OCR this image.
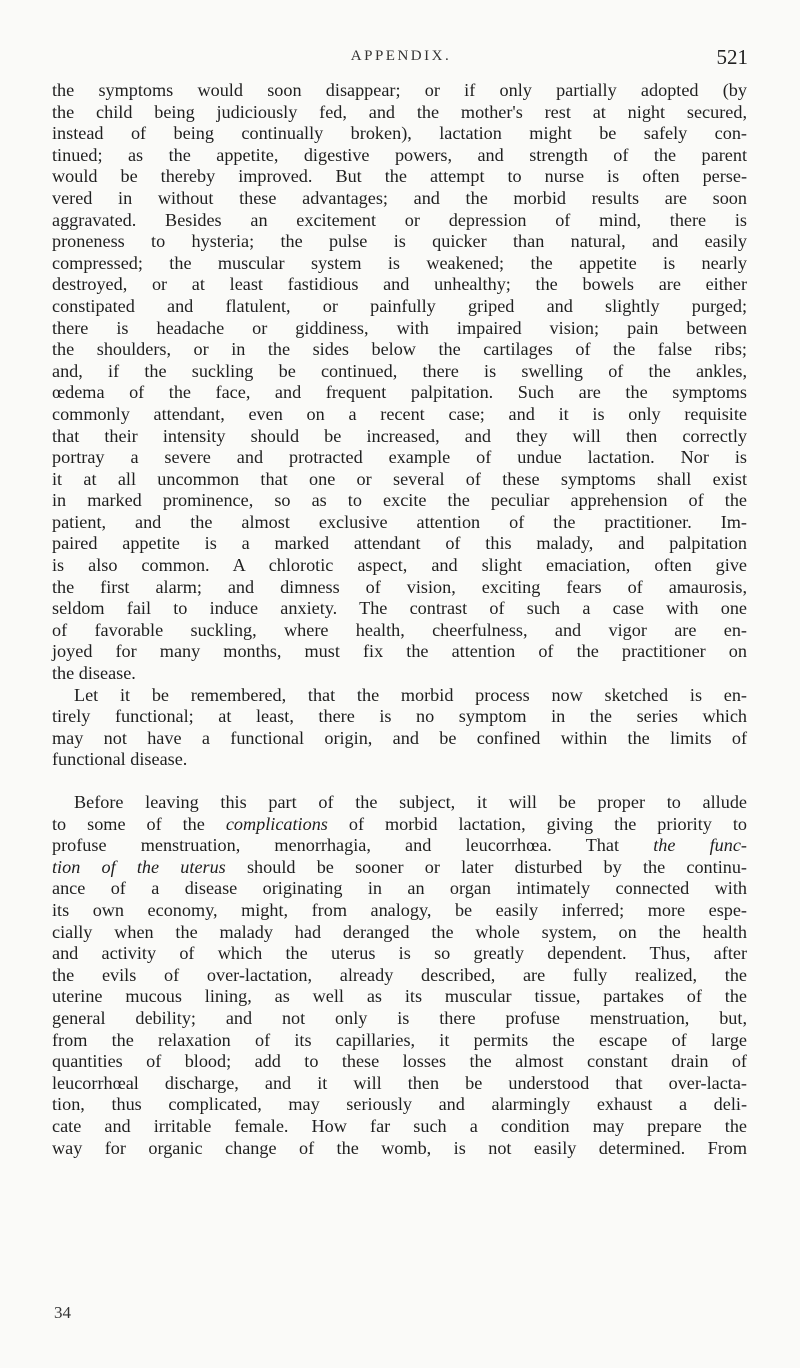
APPENDIX.	521
the symptoms would soon disappear; or if only partially adopted (by
the child being judiciously fed, and the mother's rest at night secured,
instead of being continually broken), lactation might be safely con-
tinued; as the appetite, digestive powers, and strength of the parent
would be thereby improved. But the attempt to nurse is often perse-
vered in without these advantages; and the morbid results are soon
aggravated. Besides an excitement or depression of mind, there is
proneness to hysteria; the pulse is quicker than natural, and easily
compressed; the muscular system is weakened; the appetite is nearly
destroyed, or at least fastidious and unhealthy; the bowels are either
constipated and flatulent, or painfully griped and slightly purged;
there is headache or giddiness, with impaired vision; pain between
the shoulders, or in the sides below the cartilages of the false ribs;
and, if the suckling be continued, there is swelling of the ankles,
œdema of the face, and frequent palpitation. Such are the symptoms
commonly attendant, even on a recent case; and it is only requisite
that their intensity should be increased, and they will then correctly
portray a severe and protracted example of undue lactation. Nor is
it at all uncommon that one or several of these symptoms shall exist
in marked prominence, so as to excite the peculiar apprehension of the
patient, and the almost exclusive attention of the practitioner. Im-
paired appetite is a marked attendant of this malady, and palpitation
is also common. A chlorotic aspect, and slight emaciation, often give
the first alarm; and dimness of vision, exciting fears of amaurosis,
seldom fail to induce anxiety. The contrast of such a case with one
of favorable suckling, where health, cheerfulness, and vigor are en-
joyed for many months, must fix the attention of the practitioner on
the disease.
Let it be remembered, that the morbid process now sketched is en-
tirely functional; at least, there is no symptom in the series which
may not have a functional origin, and be confined within the limits of
functional disease.
Before leaving this part of the subject, it will be proper to allude
to some of the complications of morbid lactation, giving the priority to
profuse menstruation, menorrhagia, and leucorrhœa. That the func-
tion of the uterus should be sooner or later disturbed by the continu-
ance of a disease originating in an organ intimately connected with
its own economy, might, from analogy, be easily inferred; more espe-
cially when the malady had deranged the whole system, on the health
and activity of which the uterus is so greatly dependent. Thus, after
the evils of over-lactation, already described, are fully realized, the
uterine mucous lining, as well as its muscular tissue, partakes of the
general debility; and not only is there profuse menstruation, but,
from the relaxation of its capillaries, it permits the escape of large
quantities of blood; add to these losses the almost constant drain of
leucorrhœal discharge, and it will then be understood that over-lacta-
tion, thus complicated, may seriously and alarmingly exhaust a deli-
cate and irritable female. How far such a condition may prepare the
way for organic change of the womb, is not easily determined. From
34
